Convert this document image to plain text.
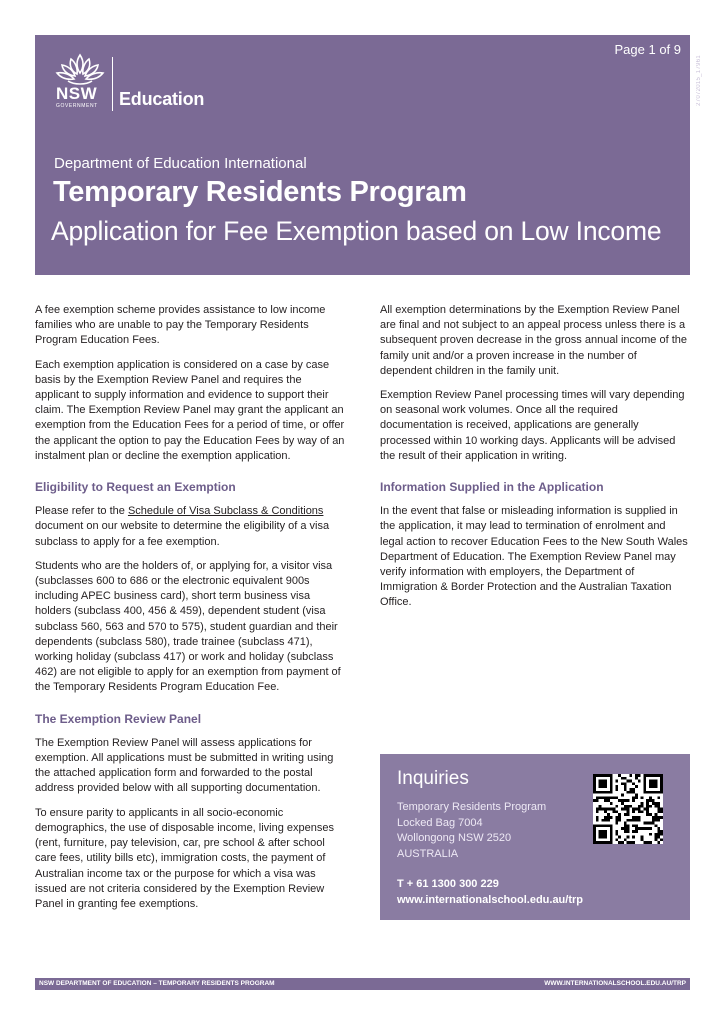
Page 1 of 9
27072015_17961
NSW
GOVERNMENT Education
Department of Education International
Temporary Residents Program
Application for Fee Exemption based on Low Income

A fee exemption scheme provides assistance to low income families who are unable to pay the Temporary Residents Program Education Fees.

Each exemption application is considered on a case by case basis by the Exemption Review Panel and requires the applicant to supply information and evidence to support their claim. The Exemption Review Panel may grant the applicant an exemption from the Education Fees for a period of time, or offer the applicant the option to pay the Education Fees by way of an instalment plan or decline the exemption application.

Eligibility to Request an Exemption

Please refer to the Schedule of Visa Subclass & Conditions document on our website to determine the eligibility of a visa subclass to apply for a fee exemption.

Students who are the holders of, or applying for, a visitor visa (subclasses 600 to 686 or the electronic equivalent 900s including APEC business card), short term business visa holders (subclass 400, 456 & 459), dependent student (visa subclass 560, 563 and 570 to 575), student guardian and their dependents (subclass 580), trade trainee (subclass 471), working holiday (subclass 417) or work and holiday (subclass 462) are not eligible to apply for an exemption from payment of the Temporary Residents Program Education Fee.

The Exemption Review Panel

The Exemption Review Panel will assess applications for exemption. All applications must be submitted in writing using the attached application form and forwarded to the postal address provided below with all supporting documentation.

To ensure parity to applicants in all socio-economic demographics, the use of disposable income, living expenses (rent, furniture, pay television, car, pre school & after school care fees, utility bills etc), immigration costs, the payment of Australian income tax or the purpose for which a visa was issued are not criteria considered by the Exemption Review Panel in granting fee exemptions.

All exemption determinations by the Exemption Review Panel are final and not subject to an appeal process unless there is a subsequent proven decrease in the gross annual income of the family unit and/or a proven increase in the number of dependent children in the family unit.

Exemption Review Panel processing times will vary depending on seasonal work volumes. Once all the required documentation is received, applications are generally processed within 10 working days. Applicants will be advised the result of their application in writing.

Information Supplied in the Application

In the event that false or misleading information is supplied in the application, it may lead to termination of enrolment and legal action to recover Education Fees to the New South Wales Department of Education. The Exemption Review Panel may verify information with employers, the Department of Immigration & Border Protection and the Australian Taxation Office.

Inquiries
Temporary Residents Program
Locked Bag 7004
Wollongong NSW 2520
AUSTRALIA
T + 61 1300 300 229
www.internationalschool.edu.au/trp
NSW DEPARTMENT OF EDUCATION – TEMPORARY RESIDENTS PROGRAM	WWW.INTERNATIONALSCHOOL.EDU.AU/TRP
